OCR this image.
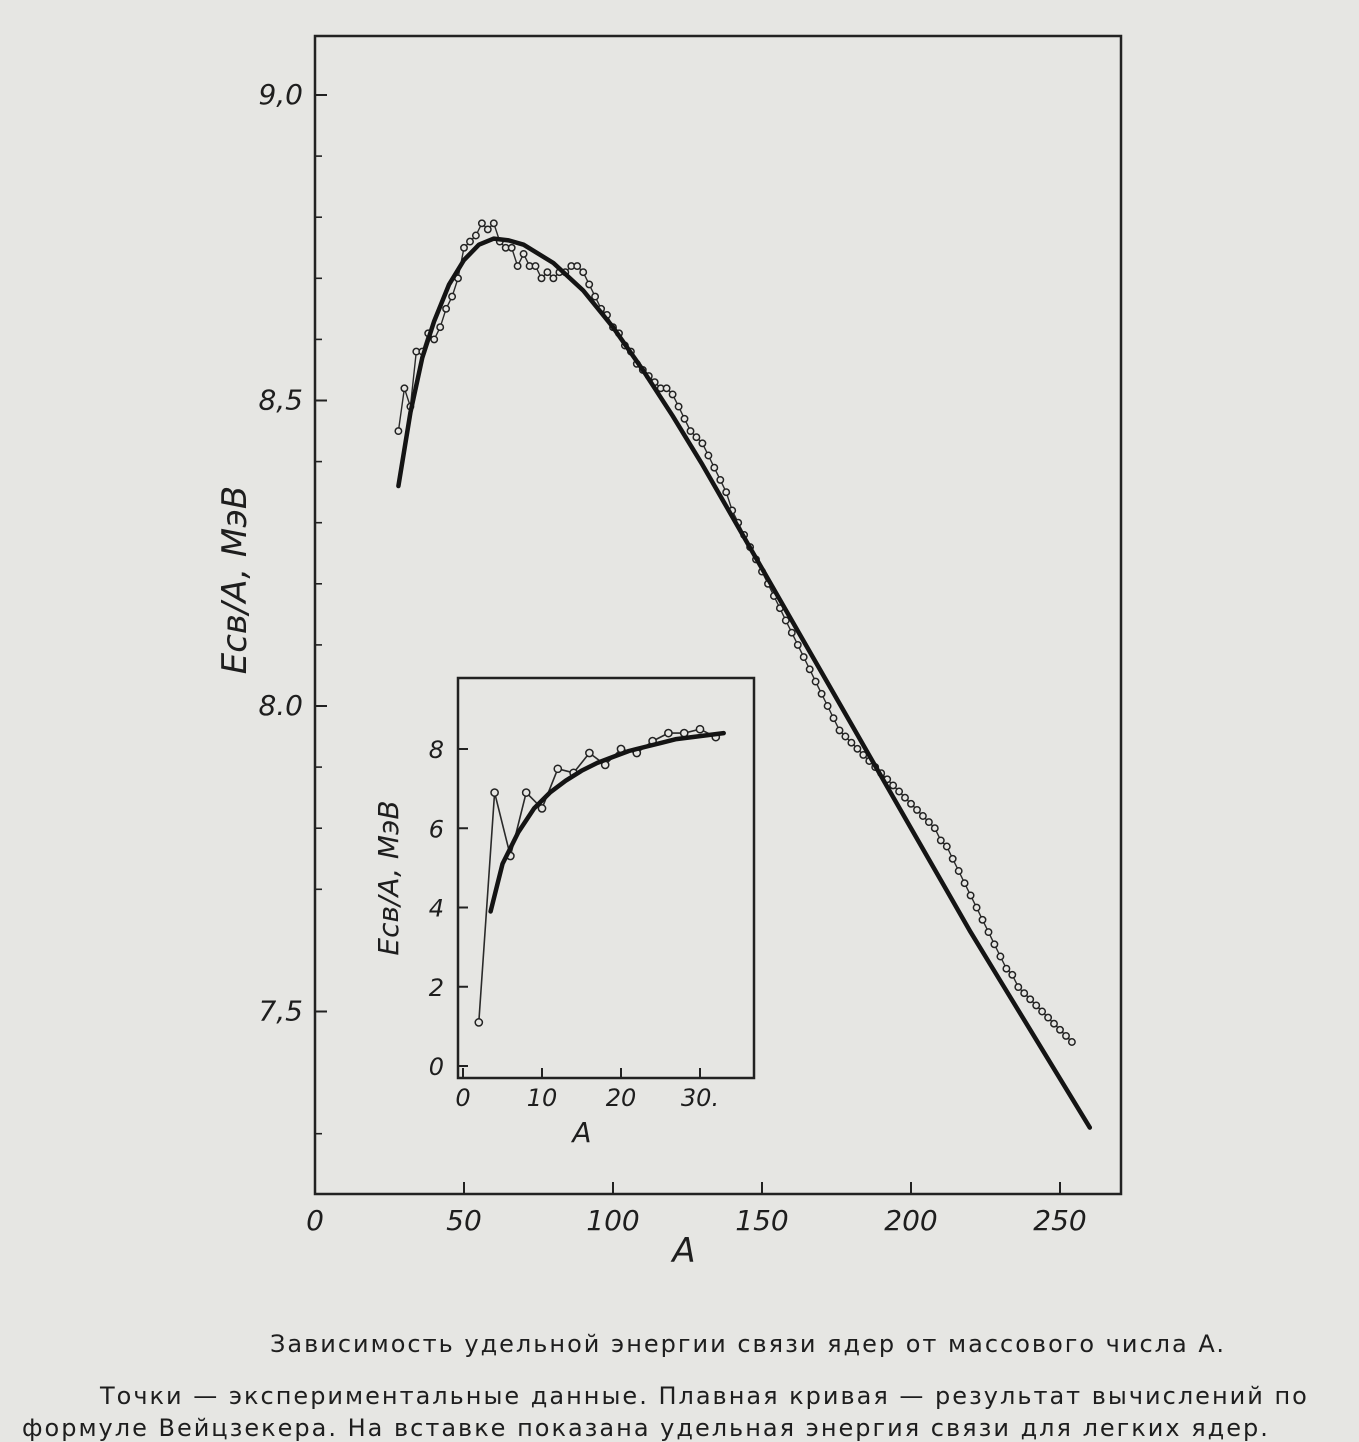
0	50	100	150	200	250
7,5
8.0
8,5
9,0
A
Eсв/A, МэВ
0 10 20 30.
0
2
4
6
8
A
Eсв/A, МэВ
Зависимость удельной энергии связи ядер от массового числа A.
Точки — экспериментальные данные. Плавная кривая — результат вычислений по
формуле Вейцзекера. На вставке показана удельная энергия связи для легких ядер.
